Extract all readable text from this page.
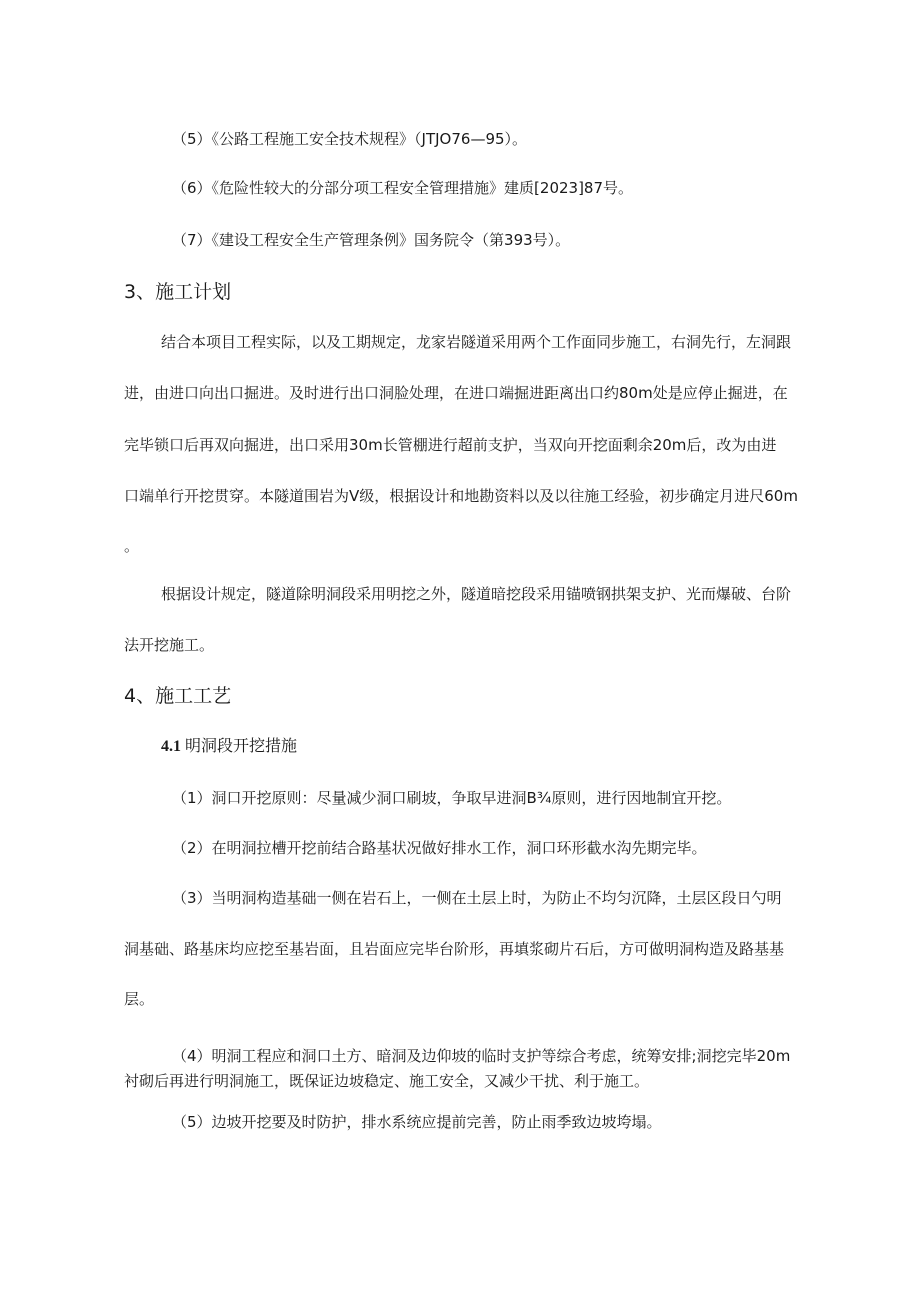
（5）《公路工程施工安全技术规程》（JTJO76—95）。
（6）《危险性较大的分部分项工程安全管理措施》建质[2023]87号。
（7）《建设工程安全生产管理条例》国务院令（第393号）。
3、施工计划
结合本项目工程实际，以及工期规定，龙家岩隧道采用两个工作面同步施工，右洞先行，左洞跟
进，由进口向出口掘进。及时进行出口洞脸处理，在进口端掘进距离出口约80m处是应停止掘进，在
完毕锁口后再双向掘进，出口采用30m长管棚进行超前支护，当双向开挖面剩余20m后，改为由进
口端单行开挖贯穿。本隧道围岩为V级，根据设计和地勘资料以及以往施工经验，初步确定月进尺60m
。
根据设计规定，隧道除明洞段采用明挖之外，隧道暗挖段采用锚喷钢拱架支护、光而爆破、台阶
法开挖施工。
4、施工工艺
4.1 明洞段开挖措施
（1）洞口开挖原则：尽量减少洞口刷坡，争取早进洞B¾原则，进行因地制宜开挖。
（2）在明洞拉槽开挖前结合路基状况做好排水工作，洞口环形截水沟先期完毕。
（3）当明洞构造基础一侧在岩石上，一侧在土层上时，为防止不均匀沉降，土层区段日勺明
洞基础、路基床均应挖至基岩面，且岩面应完毕台阶形，再填浆砌片石后，方可做明洞构造及路基基
层。
（4）明洞工程应和洞口土方、暗洞及边仰坡的临时支护等综合考虑，统筹安排;洞挖完毕20m
衬砌后再进行明洞施工，既保证边坡稳定、施工安全，又减少干扰、利于施工。
（5）边坡开挖要及时防护，排水系统应提前完善，防止雨季致边坡垮塌。
